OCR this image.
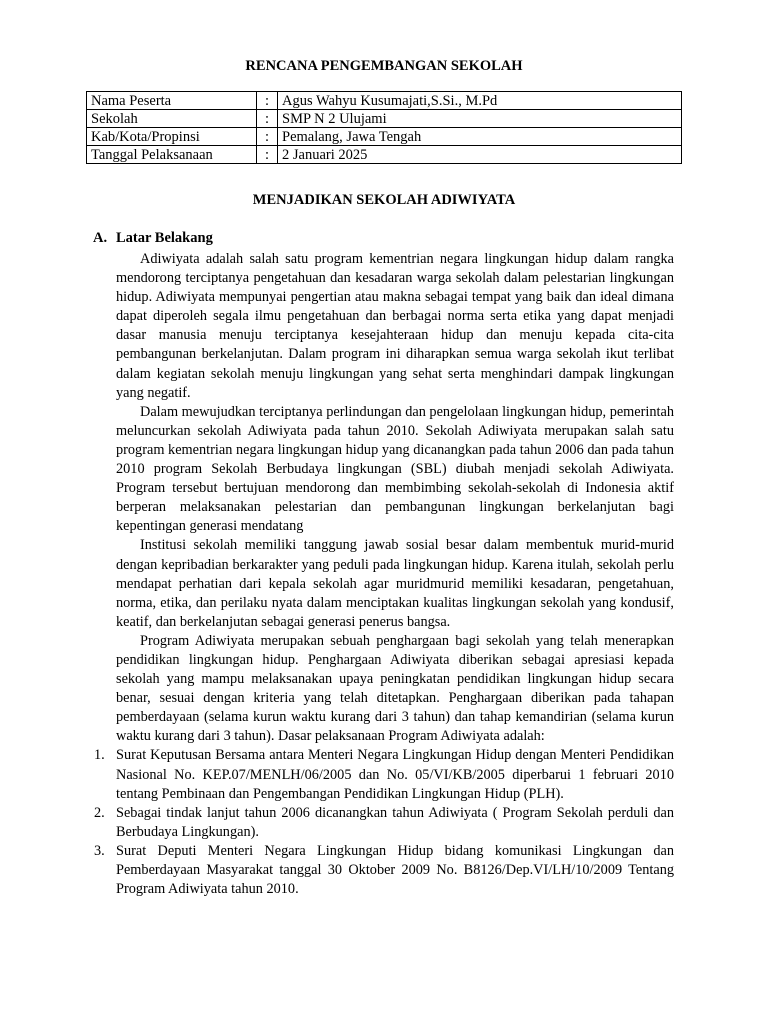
RENCANA PENGEMBANGAN SEKOLAH
Nama Peserta	:	Agus Wahyu Kusumajati,S.Si., M.Pd
Sekolah	:	SMP N 2 Ulujami
Kab/Kota/Propinsi	:	Pemalang, Jawa Tengah
Tanggal Pelaksanaan	:	2 Januari 2025
MENJADIKAN SEKOLAH ADIWIYATA
A. Latar Belakang

Adiwiyata adalah salah satu program kementrian negara lingkungan hidup dalam rangka mendorong terciptanya pengetahuan dan kesadaran warga sekolah dalam pelestarian lingkungan hidup. Adiwiyata mempunyai pengertian atau makna sebagai tempat yang baik dan ideal dimana dapat diperoleh segala ilmu pengetahuan dan berbagai norma serta etika yang dapat menjadi dasar manusia menuju terciptanya kesejahteraan hidup dan menuju kepada cita-cita pembangunan berkelanjutan. Dalam program ini diharapkan semua warga sekolah ikut terlibat dalam kegiatan sekolah menuju lingkungan yang sehat serta menghindari dampak lingkungan yang negatif.

Dalam mewujudkan terciptanya perlindungan dan pengelolaan lingkungan hidup, pemerintah meluncurkan sekolah Adiwiyata pada tahun 2010. Sekolah Adiwiyata merupakan salah satu program kementrian negara lingkungan hidup yang dicanangkan pada tahun 2006 dan pada tahun 2010 program Sekolah Berbudaya lingkungan (SBL) diubah menjadi sekolah Adiwiyata. Program tersebut bertujuan mendorong dan membimbing sekolah-sekolah di Indonesia aktif berperan melaksanakan pelestarian dan pembangunan lingkungan berkelanjutan bagi kepentingan generasi mendatang

Institusi sekolah memiliki tanggung jawab sosial besar dalam membentuk murid-murid dengan kepribadian berkarakter yang peduli pada lingkungan hidup. Karena itulah, sekolah perlu mendapat perhatian dari kepala sekolah agar muridmurid memiliki kesadaran, pengetahuan, norma, etika, dan perilaku nyata dalam menciptakan kualitas lingkungan sekolah yang kondusif, keatif, dan berkelanjutan sebagai generasi penerus bangsa.

Program Adiwiyata merupakan sebuah penghargaan bagi sekolah yang telah menerapkan pendidikan lingkungan hidup. Penghargaan Adiwiyata diberikan sebagai apresiasi kepada sekolah yang mampu melaksanakan upaya peningkatan pendidikan lingkungan hidup secara benar, sesuai dengan kriteria yang telah ditetapkan. Penghargaan diberikan pada tahapan pemberdayaan (selama kurun waktu kurang dari 3 tahun) dan tahap kemandirian (selama kurun waktu kurang dari 3 tahun). Dasar pelaksanaan Program Adiwiyata adalah:

1. Surat Keputusan Bersama antara Menteri Negara Lingkungan Hidup dengan Menteri Pendidikan Nasional No. KEP.07/MENLH/06/2005 dan No. 05/VI/KB/2005 diperbarui 1 februari 2010 tentang Pembinaan dan Pengembangan Pendidikan Lingkungan Hidup (PLH).
2. Sebagai tindak lanjut tahun 2006 dicanangkan tahun Adiwiyata ( Program Sekolah perduli dan Berbudaya Lingkungan).
3. Surat Deputi Menteri Negara Lingkungan Hidup bidang komunikasi Lingkungan dan Pemberdayaan Masyarakat tanggal 30 Oktober 2009 No. B8126/Dep.VI/LH/10/2009 Tentang Program Adiwiyata tahun 2010.
